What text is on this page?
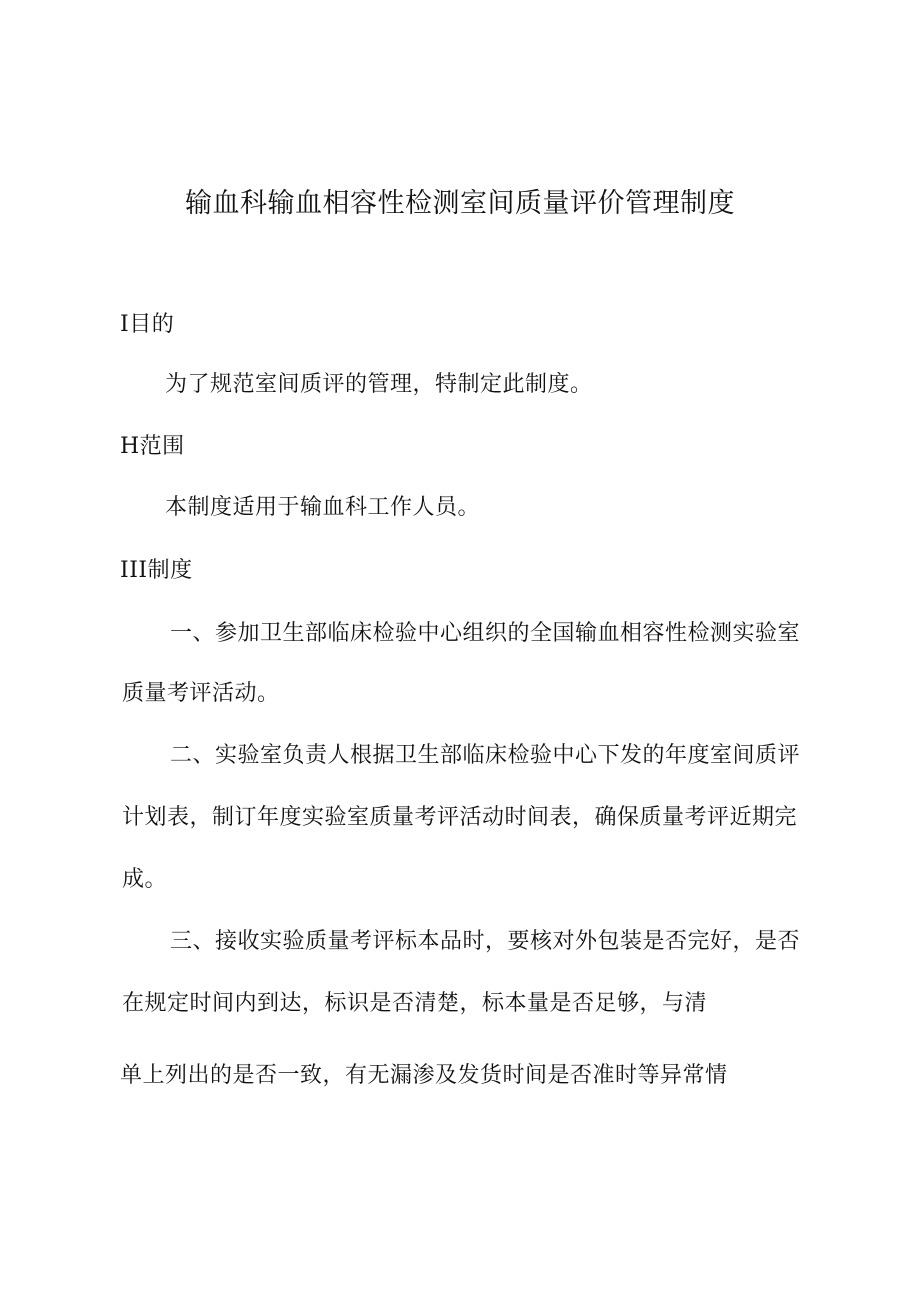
输血科输血相容性检测室间质量评价管理制度
I目的
为了规范室间质评的管理，特制定此制度。
H范围
本制度适用于输血科工作人员。
III制度
一、参加卫生部临床检验中心组织的全国输血相容性检测实验室
质量考评活动。
二、实验室负责人根据卫生部临床检验中心下发的年度室间质评
计划表，制订年度实验室质量考评活动时间表，确保质量考评近期完
成。
三、接收实验质量考评标本品时，要核对外包装是否完好，是否
在规定时间内到达，标识是否清楚，标本量是否足够，与清
单上列出的是否一致，有无漏渗及发货时间是否准时等异常情
